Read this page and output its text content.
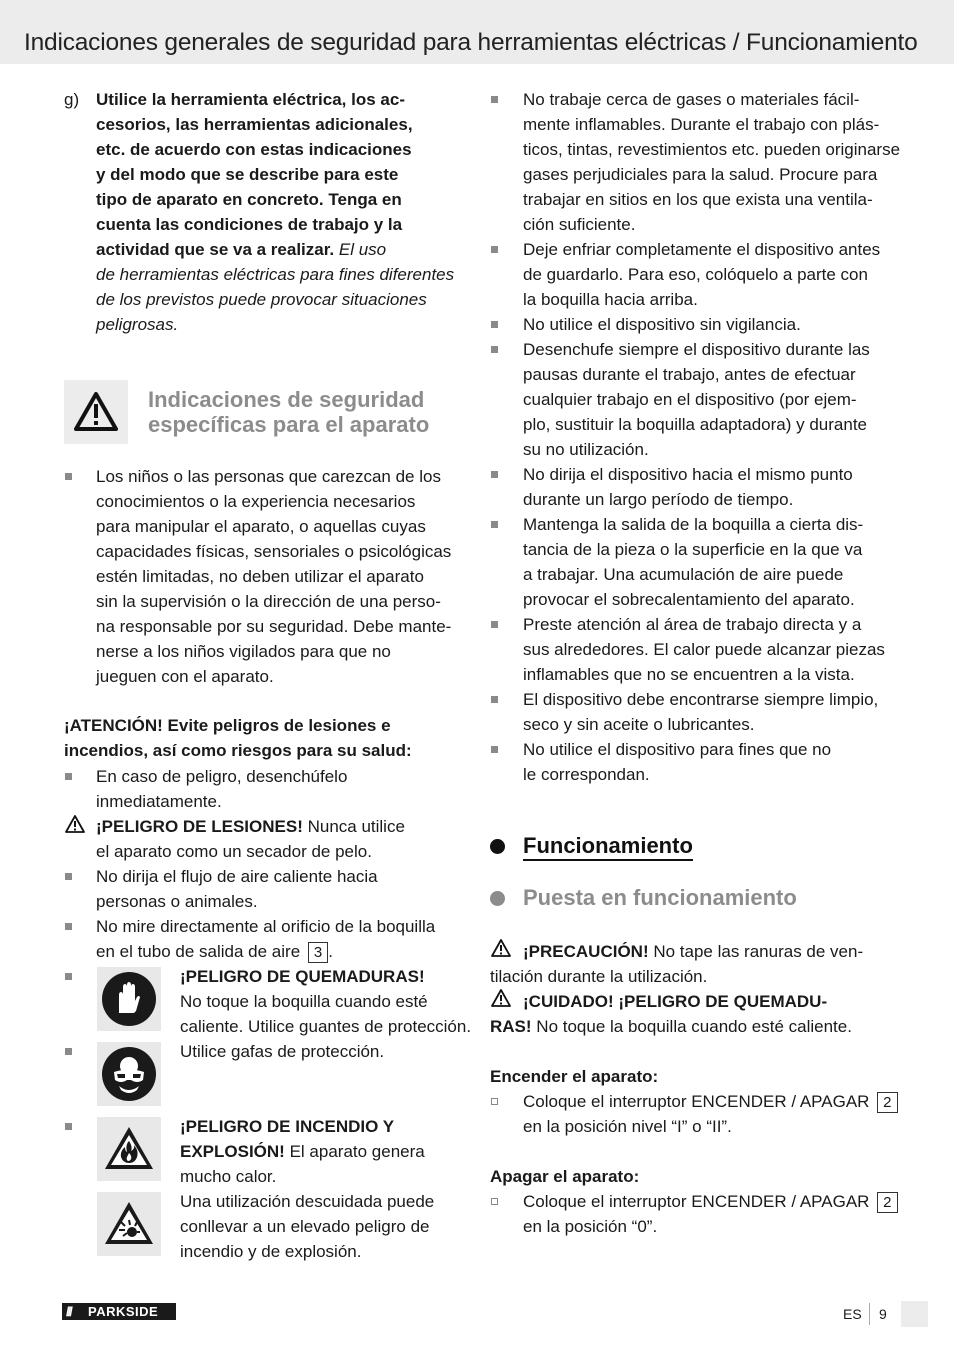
Indicaciones generales de seguridad para herramientas eléctricas / Funcionamiento
g) Utilice la herramienta eléctrica, los ac-
cesorios, las herramientas adicionales,
etc. de acuerdo con estas indicaciones
y del modo que se describe para este
tipo de aparato en concreto. Tenga en
cuenta las condiciones de trabajo y la
actividad que se va a realizar. El uso
de herramientas eléctricas para fines diferentes
de los previstos puede provocar situaciones
peligrosas.
Indicaciones de seguridad
específicas para el aparato
Los niños o las personas que carezcan de los
conocimientos o la experiencia necesarios
para manipular el aparato, o aquellas cuyas
capacidades físicas, sensoriales o psicológicas
estén limitadas, no deben utilizar el aparato
sin la supervisión o la dirección de una perso-
na responsable por su seguridad. Debe mante-
nerse a los niños vigilados para que no
jueguen con el aparato.
¡ATENCIÓN! Evite peligros de lesiones e
incendios, así como riesgos para su salud:
En caso de peligro, desenchúfelo
inmediatamente.
¡PELIGRO DE LESIONES! Nunca utilice
el aparato como un secador de pelo.
No dirija el flujo de aire caliente hacia
personas o animales.
No mire directamente al orificio de la boquilla
en el tubo de salida de aire 3 .
¡PELIGRO DE QUEMADURAS!
No toque la boquilla cuando esté
caliente. Utilice guantes de protección.
Utilice gafas de protección.
¡PELIGRO DE INCENDIO Y
EXPLOSIÓN! El aparato genera
mucho calor.
Una utilización descuidada puede
conllevar a un elevado peligro de
incendio y de explosión.
No trabaje cerca de gases o materiales fácil-
mente inflamables. Durante el trabajo con plás-
ticos, tintas, revestimientos etc. pueden originarse
gases perjudiciales para la salud. Procure para
trabajar en sitios en los que exista una ventila-
ción suficiente.
Deje enfriar completamente el dispositivo antes
de guardarlo. Para eso, colóquelo a parte con
la boquilla hacia arriba.
No utilice el dispositivo sin vigilancia.
Desenchufe siempre el dispositivo durante las
pausas durante el trabajo, antes de efectuar
cualquier trabajo en el dispositivo (por ejem-
plo, sustituir la boquilla adaptadora) y durante
su no utilización.
No dirija el dispositivo hacia el mismo punto
durante un largo período de tiempo.
Mantenga la salida de la boquilla a cierta dis-
tancia de la pieza o la superficie en la que va
a trabajar. Una acumulación de aire puede
provocar el sobrecalentamiento del aparato.
Preste atención al área de trabajo directa y a
sus alrededores. El calor puede alcanzar piezas
inflamables que no se encuentren a la vista.
El dispositivo debe encontrarse siempre limpio,
seco y sin aceite o lubricantes.
No utilice el dispositivo para fines que no
le correspondan.
Funcionamiento
Puesta en funcionamiento
¡PRECAUCIÓN! No tape las ranuras de ven-
tilación durante la utilización.
¡CUIDADO! ¡PELIGRO DE QUEMADU-
RAS! No toque la boquilla cuando esté caliente.
Encender el aparato:
Coloque el interruptor ENCENDER / APAGAR 2
en la posición nivel “I” o “II”.
Apagar el aparato:
Coloque el interruptor ENCENDER / APAGAR 2
en la posición “0”.
/// PARKSIDE	ES 9
